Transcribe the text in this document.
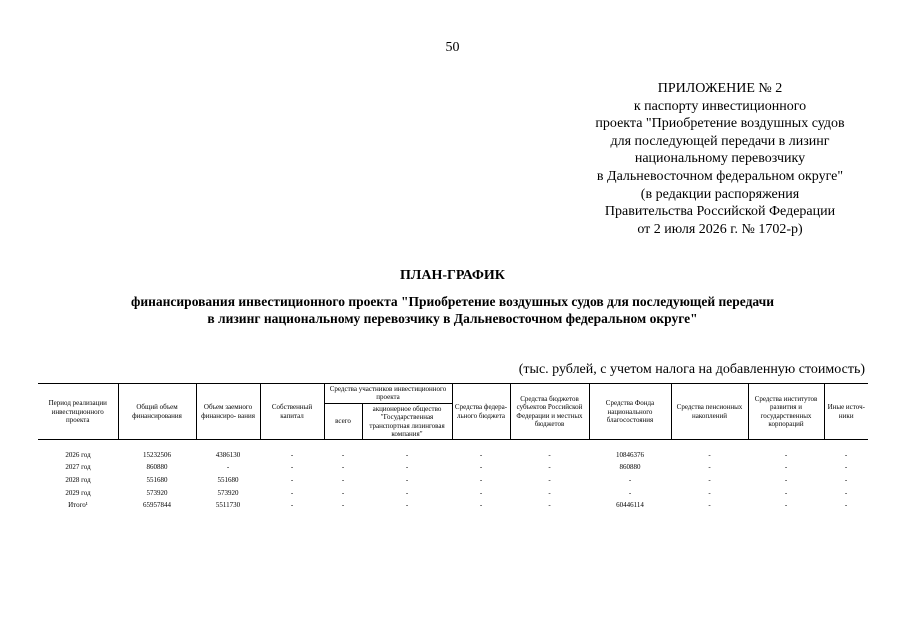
50
ПРИЛОЖЕНИЕ № 2
к паспорту инвестиционного
проекта "Приобретение воздушных судов
для последующей передачи в лизинг
национальному перевозчику
в Дальневосточном федеральном округе"
(в редакции распоряжения
Правительства Российской Федерации
от 2 июля 2026 г. № 1702-р)
ПЛАН-ГРАФИК
финансирования инвестиционного проекта "Приобретение воздушных судов для последующей передачи
в лизинг национальному перевозчику в Дальневосточном федеральном округе"
(тыс. рублей, с учетом налога на добавленную стоимость)
Период реализации инвестиционного проекта	Общий объем финансирования	Объем заемного финансиро- вания	Собственный капитал	Средства участников инвестиционного проекта		Средства федера- льного бюджета	Средства бюджетов субъектов Российской Федерации и местных бюджетов	Средства Фонда национального благосостояния	Средства пенсионных накоплений	Средства институтов развития и государственных корпораций	Иные источ- ники
				всего	акционерное общество "Государственная транспортная лизинговая компания"						
2026 год	15232506	4386130	-	-	-	-	-	10846376	-	-	-
2027 год	860880	-	-	-	-	-	-	860880	-	-	-
2028 год	551680	551680	-	-	-	-	-	-	-	-	-
2029 год	573920	573920	-	-	-	-	-	-	-	-	-
Итого¹	65957844	5511730	-	-	-	-	-	60446114	-	-	-
